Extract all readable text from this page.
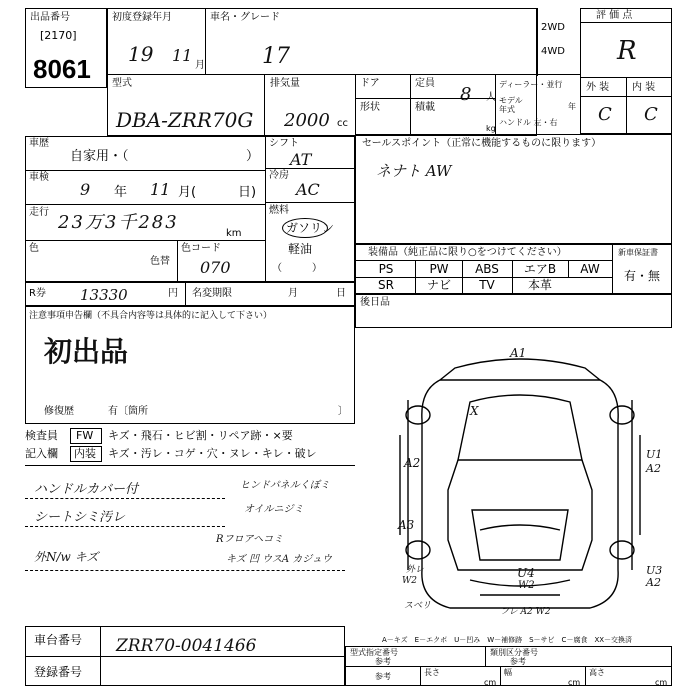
出品番号
[2170]
8061
初度登録年月
19 11
月
車名・グレード
17
2WD
4WD
評 価 点
R
外 装 内 装
C C
型式
DBA-ZRR70G
排気量
2000 cc
ドア	定員
8 人
形状	積載
kg
ディーラー・並行
モデル年式	年
ハンドル 左・右
車歴
自家用・（	）
車検
9 年 11 月(	日)
走行 23万3千283
km
色
色替
色コード
070
シフト
AT
冷房
AC
燃料
ガソリン
軽油
（　　　）
R券 13330	円 名変期限	月	日
注意事項申告欄（不具合内容等は具体的に記入して下さい）
初出品
修復歴	有〔箇所	〕
セールスポイント（正常に機能するものに限ります）
ネナト AW
装備品（純正品に限り○をつけてください）	新車保証書
有・無
PS	PW	ABS	エアB	AW
SR	ナビ	TV	本革
後日品
検査員 FW キズ・飛石・ヒビ割・リペア跡・×要
記入欄 内装 キズ・汚レ・コゲ・穴・ヌレ・キレ・破レ
ハンドルカバー付
シートシミ汚レ
外N/w キズ
ヒンドパネルくぼミ
オイルニジミ
Rフロアヘコミ
キズ 凹 ウスA カジュウ
A1
X
A2
A3
U1
A2
U3
A2
U4
W2
W2
外レ
スベリ
フレ A2 W2
A－キズ　E－エクボ　U－凹み　W－補修跡　S－サビ　C－腐食　XX－交換済
車台番号 ZRR70-0041466
登録番号
型式指定番号
参考
類別区分番号
参考
参考	長さ
cm
幅
cm
高さ
cm
